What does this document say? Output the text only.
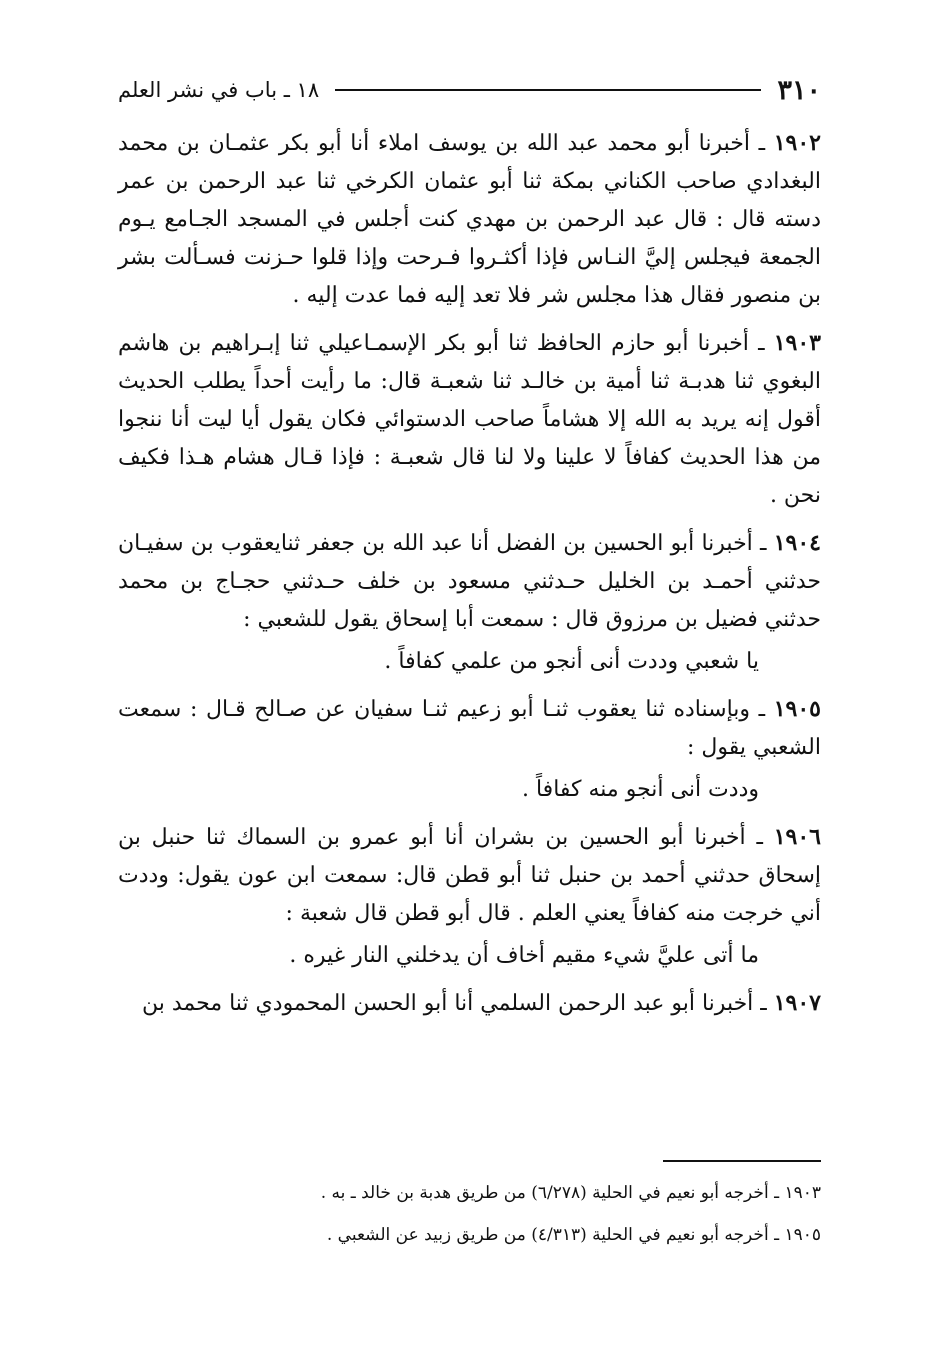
٣١٠
١٨ ـ باب في نشر العلم

١٩٠٢ ـ أخبرنا أبو محمد عبد الله بن يوسف املاء أنا أبو بكر عثمـان بن محمد البغدادي صاحب الكناني بمكة ثنا أبو عثمان الكرخي ثنا عبد الرحمن بن عمر دسته قال : قال عبد الرحمن بن مهدي كنت أجلس في المسجد الجـامع يـوم الجمعة فيجلس إليَّ النـاس فإذا أكثـروا فـرحت وإذا قلوا حـزنت فسـألت بشر بن منصور فقال هذا مجلس شر فلا تعد إليه فما عدت إليه .

١٩٠٣ ـ أخبرنا أبو حازم الحافظ ثنا أبو بكر الإسمـاعيلي ثنا إبـراهيم بن هاشم البغوي ثنا هدبـة ثنا أمية بن خالـد ثنا شعبـة قال: ما رأيت أحداً يطلب الحديث أقول إنه يريد به الله إلا هشاماً صاحب الدستوائي فكان يقول أيا ليت أنا ننجوا من هذا الحديث كفافاً لا علينا ولا لنا قال شعبـة : فإذا قـال هشام هـذا فكيف نحن .

١٩٠٤ ـ أخبرنا أبو الحسين بن الفضل أنا عبد الله بن جعفر ثنايعقوب بن سفيـان حدثني أحمـد بن الخليل حـدثني مسعود بن خلف حـدثني حجـاج بن محمد حدثني فضيل بن مرزوق قال : سمعت أبا إسحاق يقول للشعبي :

يا شعبي وددت أنى أنجو من علمي كفافاً .

١٩٠٥ ـ وبإسناده ثنا يعقوب ثنـا أبو زعيم ثنـا سفيان عن صـالح قـال : سمعت الشعبي يقول :

وددت أنى أنجو منه كفافاً .

١٩٠٦ ـ أخبرنا أبو الحسين بن بشران أنا أبو عمرو بن السماك ثنا حنبل بن إسحاق حدثني أحمد بن حنبل ثنا أبو قطن قال: سمعت ابن عون يقول: وددت أني خرجت منه كفافاً يعني العلم . قال أبو قطن قال شعبة :

ما أتى عليَّ شيء مقيم أخاف أن يدخلني النار غيره .

١٩٠٧ ـ أخبرنا أبو عبد الرحمن السلمي أنا أبو الحسن المحمودي ثنا محمد بن

١٩٠٣ ـ أخرجه أبو نعيم في الحلية (٦/٢٧٨) من طريق هدبة بن خالد ـ به .

١٩٠٥ ـ أخرجه أبو نعيم في الحلية (٤/٣١٣) من طريق زبيد عن الشعبي .
